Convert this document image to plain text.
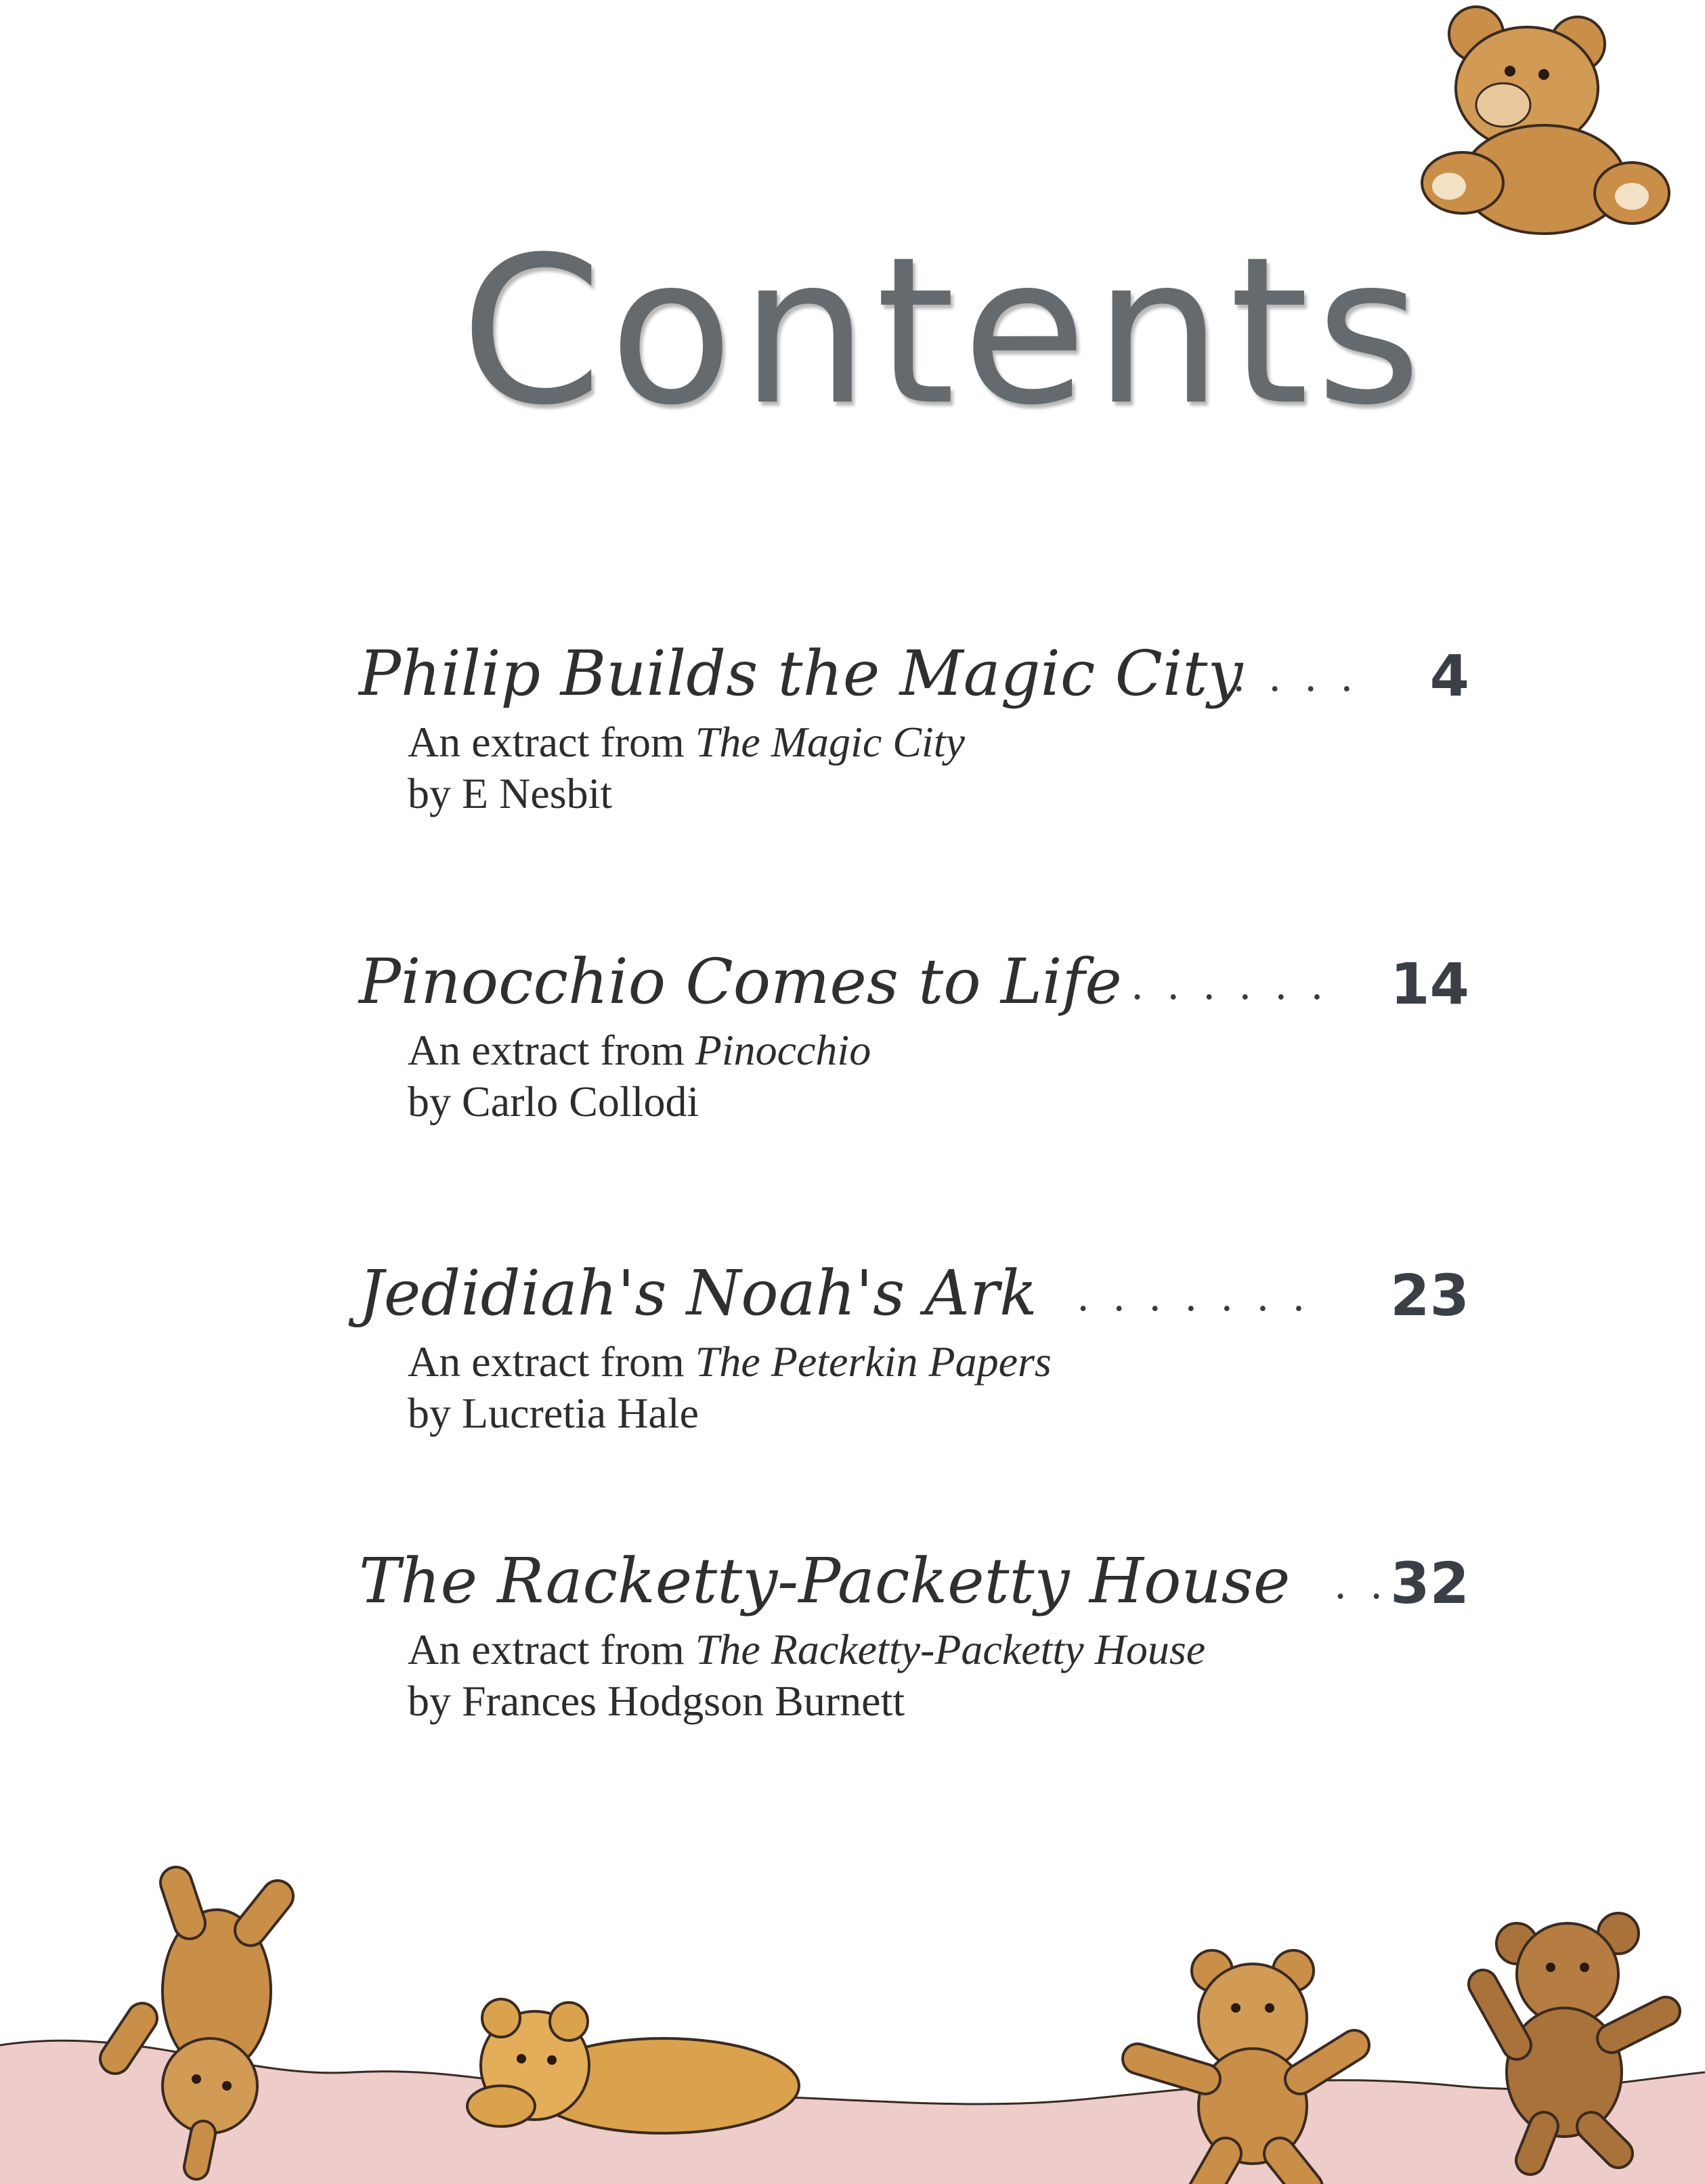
Contents
Philip Builds the Magic City
.... 4
An extract from The Magic City
by E Nesbit
Pinocchio Comes to Life ...... 14
An extract from Pinocchio
by Carlo Collodi
Jedidiah's Noah's Ark ....... 23
An extract from The Peterkin Papers
by Lucretia Hale
The Racketty-Packetty House ..
32
An extract from The Racketty-Packetty House
by Frances Hodgson Burnett
